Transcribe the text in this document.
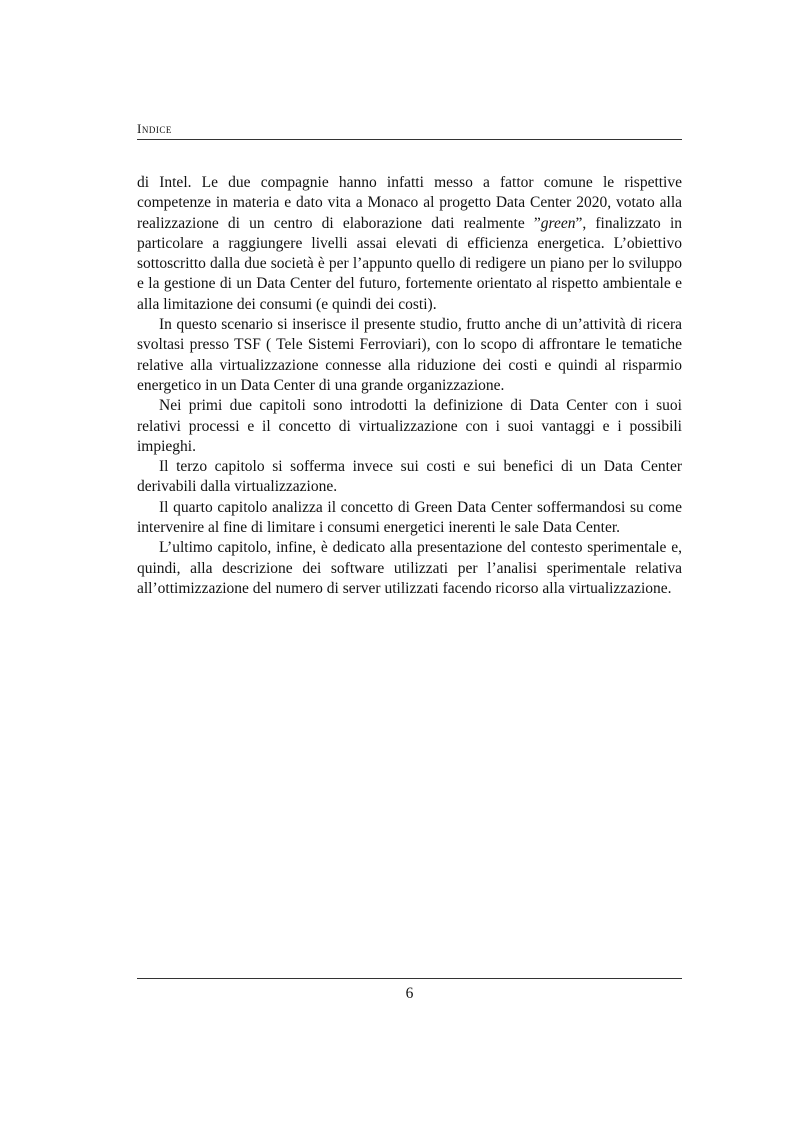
Indice

di Intel. Le due compagnie hanno infatti messo a fattor comune le rispettive competenze in materia e dato vita a Monaco al progetto Data Center 2020, votato alla realizzazione di un centro di elaborazione dati realmente ”green”, finalizzato in particolare a raggiungere livelli assai elevati di efficienza energetica. L’obiettivo sottoscritto dalla due società è per l’appunto quello di redigere un piano per lo sviluppo e la gestione di un Data Center del futuro, fortemente orientato al rispetto ambientale e alla limitazione dei consumi (e quindi dei costi).

In questo scenario si inserisce il presente studio, frutto anche di un’attività di ricera svoltasi presso TSF ( Tele Sistemi Ferroviari), con lo scopo di affrontare le tematiche relative alla virtualizzazione connesse alla riduzione dei costi e quindi al risparmio energetico in un Data Center di una grande organizzazione.

Nei primi due capitoli sono introdotti la definizione di Data Center con i suoi relativi processi e il concetto di virtualizzazione con i suoi vantaggi e i possibili impieghi.

Il terzo capitolo si sofferma invece sui costi e sui benefici di un Data Center derivabili dalla virtualizzazione.

Il quarto capitolo analizza il concetto di Green Data Center soffermandosi su come intervenire al fine di limitare i consumi energetici inerenti le sale Data Center.

L’ultimo capitolo, infine, è dedicato alla presentazione del contesto sperimentale e, quindi, alla descrizione dei software utilizzati per l’analisi sperimentale relativa all’ottimizzazione del numero di server utilizzati facendo ricorso alla virtualizzazione.

6
